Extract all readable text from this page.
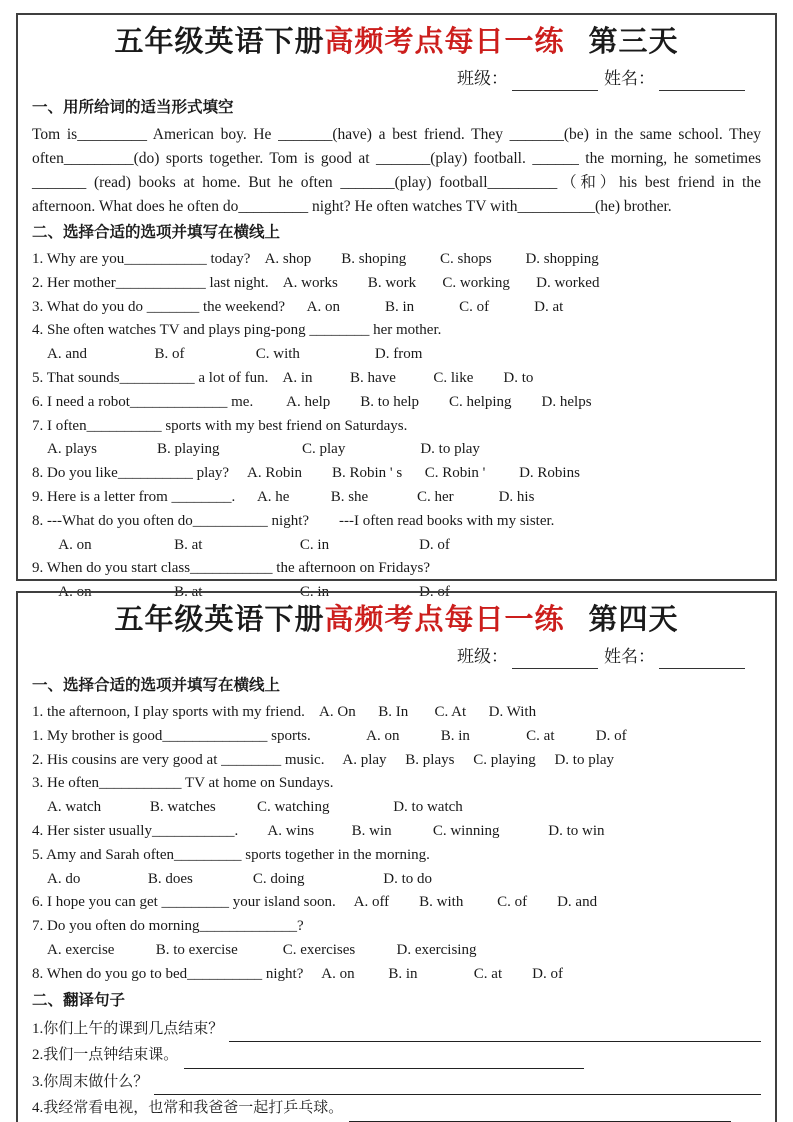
五年级英语下册高频考点每日一练 第三天
班级：	姓名：
一、用所给词的适当形式填空

Tom is_________ American boy. He _______(have) a best friend. They _______(be) in the same school. They often_________(do) sports together. Tom is good at _______(play) football. ______ the morning, he sometimes _______ (read) books at home. But he often _______(play) football_________（和）his best friend in the afternoon. What does he often do_________ night? He often watches TV with__________(he) brother.

二、选择合适的选项并填写在横线上
1. Why are you___________ today?    A. shop        B. shoping         C. shops         D. shopping
2. Her mother____________ last night.    A. works        B. work       C. working       D. worked
3. What do you do _______ the weekend?      A. on            B. in            C. of            D. at
4. She often watches TV and plays ping-pong ________ her mother.
A. and                  B. of                   C. with                    D. from
5. That sounds__________ a lot of fun.    A. in          B. have          C. like        D. to
6. I need a robot_____________ me.         A. help        B. to help        C. helping        D. helps
7. I often__________ sports with my best friend on Saturdays.
A. plays                B. playing                      C. play                    D. to play
8. Do you like__________ play?     A. Robin        B. Robin ' s      C. Robin '         D. Robins
9. Here is a letter from ________.      A. he           B. she             C. her            D. his
8. ---What do you often do__________ night?        ---I often read books with my sister.
A. on                      B. at                          C. in                        D. of
9. When do you start class___________ the afternoon on Fridays?
A. on                      B. at                          C. in                        D. of
五年级英语下册高频考点每日一练 第四天
班级：	姓名：
一、选择合适的选项并填写在横线上
1. the afternoon, I play sports with my friend.    A. On      B. In       C. At      D. With
1. My brother is good______________ sports.               A. on           B. in               C. at           D. of
2. His cousins are very good at ________ music.     A. play     B. plays     C. playing     D. to play
3. He often___________ TV at home on Sundays.
A. watch             B. watches           C. watching                 D. to watch
4. Her sister usually___________.        A. wins          B. win           C. winning             D. to win
5. Amy and Sarah often_________ sports together in the morning.
A. do                  B. does                C. doing                     D. to do
6. I hope you can get _________ your island soon.     A. off        B. with         C. of        D. and
7. Do you often do morning_____________?
A. exercise           B. to exercise            C. exercises           D. exercising
8. When do you go to bed__________ night?     A. on         B. in               C. at        D. of
二、翻译句子
1.你们上午的课到几点结束？
2.我们一点钟结束课。
3.你周末做什么？
4.我经常看电视，也常和我爸爸一起打乒乓球。
